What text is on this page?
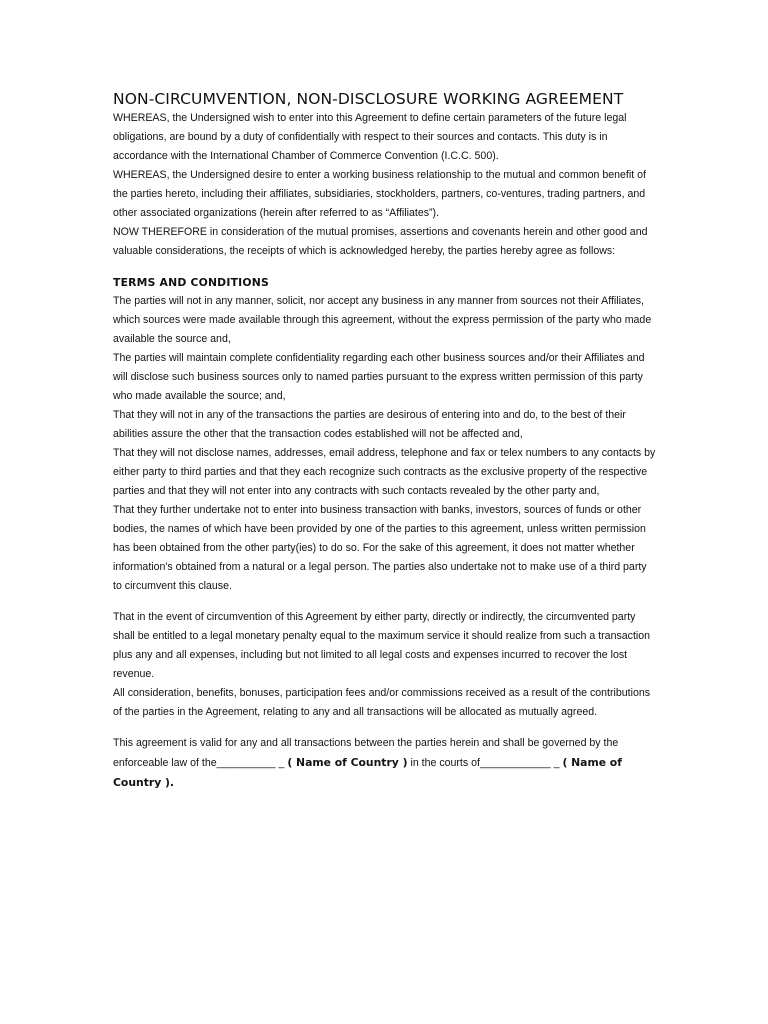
NON-CIRCUMVENTION, NON-DISCLOSURE WORKING AGREEMENT

WHEREAS, the Undersigned wish to enter into this Agreement to define certain parameters of the future legal obligations, are bound by a duty of confidentially with respect to their sources and contacts. This duty is in accordance with the International Chamber of Commerce Convention (I.C.C. 500).

WHEREAS, the Undersigned desire to enter a working business relationship to the mutual and common benefit of the parties hereto, including their affiliates, subsidiaries, stockholders, partners, co-ventures, trading partners, and other associated organizations (herein after referred to as “Affiliates”).

NOW THEREFORE in consideration of the mutual promises, assertions and covenants herein and other good and valuable considerations, the receipts of which is acknowledged hereby, the parties hereby agree as follows:

TERMS AND CONDITIONS

The parties will not in any manner, solicit, nor accept any business in any manner from sources not their Affiliates, which sources were made available through this agreement, without the express permission of the party who made available the source and,

The parties will maintain complete confidentiality regarding each other business sources and/or their Affiliates and will disclose such business sources only to named parties pursuant to the express written permission of this party who made available the source; and,

That they will not in any of the transactions the parties are desirous of entering into and do, to the best of their abilities assure the other that the transaction codes established will not be affected and,

That they will not disclose names, addresses, email address, telephone and fax or telex numbers to any contacts by either party to third parties and that they each recognize such contracts as the exclusive property of the respective parties and that they will not enter into any contracts with such contacts revealed by the other party and,

That they further undertake not to enter into business transaction with banks, investors, sources of funds or other bodies, the names of which have been provided by one of the parties to this agreement, unless written permission has been obtained from the other party(ies) to do so. For the sake of this agreement, it does not matter whether information's obtained from a natural or a legal person. The parties also undertake not to make use of a third party to circumvent this clause.

That in the event of circumvention of this Agreement by either party, directly or indirectly, the circumvented party shall be entitled to a legal monetary penalty equal to the maximum service it should realize from such a transaction plus any and all expenses, including but not limited to all legal costs and expenses incurred to recover the lost revenue.

All consideration, benefits, bonuses, participation fees and/or commissions received as a result of the contributions of the parties in the Agreement, relating to any and all transactions will be allocated as mutually agreed.

This agreement is valid for any and all transactions between the parties herein and shall be governed by the enforceable law of the__________ _ ( Name of Country ) in the courts of____________ _ ( Name of Country ).
